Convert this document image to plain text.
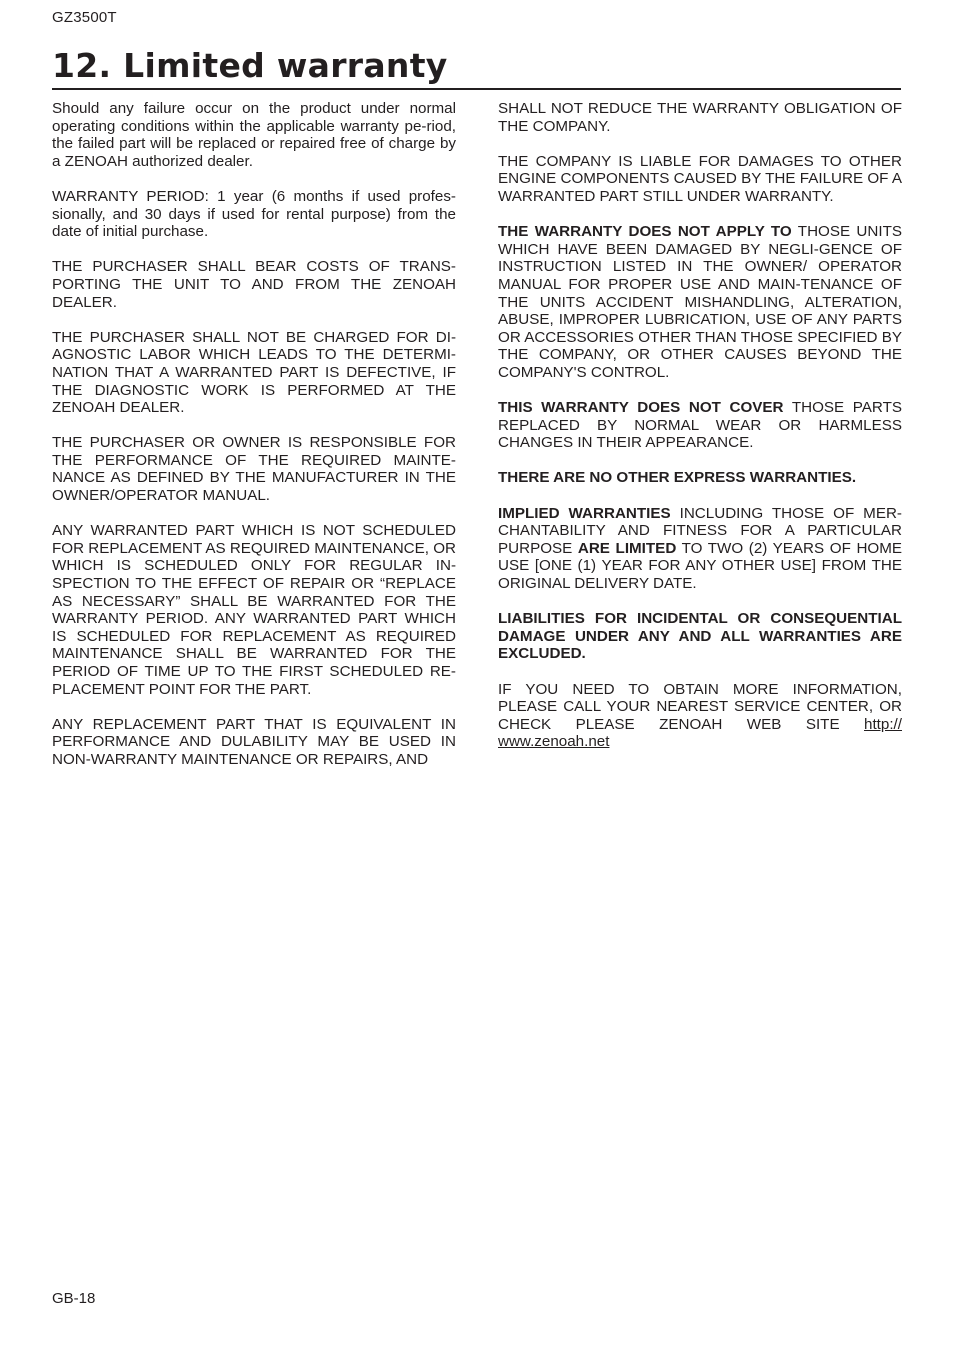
GZ3500T
12. Limited warranty

Should any failure occur on the product under normal operating conditions within the applicable warranty pe-riod, the failed part will be replaced or repaired free of charge by a ZENOAH authorized dealer.

WARRANTY PERIOD: 1 year (6 months if used profes-sionally, and 30 days if used for rental purpose) from the date of initial purchase.

THE PURCHASER SHALL BEAR COSTS OF TRANS-PORTING THE UNIT TO AND FROM THE ZENOAH DEALER.

THE PURCHASER SHALL NOT BE CHARGED FOR DI-AGNOSTIC LABOR WHICH LEADS TO THE DETERMI-NATION THAT A WARRANTED PART IS DEFECTIVE, IF THE DIAGNOSTIC WORK IS PERFORMED AT THE ZENOAH DEALER.

THE PURCHASER OR OWNER IS RESPONSIBLE FOR THE PERFORMANCE OF THE REQUIRED MAINTE-NANCE AS DEFINED BY THE MANUFACTURER IN THE OWNER/OPERATOR MANUAL.

ANY WARRANTED PART WHICH IS NOT SCHEDULED FOR REPLACEMENT AS REQUIRED MAINTENANCE, OR WHICH IS SCHEDULED ONLY FOR REGULAR IN-SPECTION TO THE EFFECT OF REPAIR OR “REPLACE AS NECESSARY” SHALL BE WARRANTED FOR THE WARRANTY PERIOD. ANY WARRANTED PART WHICH IS SCHEDULED FOR REPLACEMENT AS REQUIRED MAINTENANCE SHALL BE WARRANTED FOR THE PERIOD OF TIME UP TO THE FIRST SCHEDULED RE-PLACEMENT POINT FOR THE PART.

ANY REPLACEMENT PART THAT IS EQUIVALENT IN PERFORMANCE AND DULABILITY MAY BE USED IN NON-WARRANTY MAINTENANCE OR REPAIRS, AND

SHALL NOT REDUCE THE WARRANTY OBLIGATION OF THE COMPANY.

THE COMPANY IS LIABLE FOR DAMAGES TO OTHER ENGINE COMPONENTS CAUSED BY THE FAILURE OF A WARRANTED PART STILL UNDER WARRANTY.

THE WARRANTY DOES NOT APPLY TO THOSE UNITS WHICH HAVE BEEN DAMAGED BY NEGLI-GENCE OF INSTRUCTION LISTED IN THE OWNER/ OPERATOR MANUAL FOR PROPER USE AND MAIN-TENANCE OF THE UNITS ACCIDENT MISHANDLING, ALTERATION, ABUSE, IMPROPER LUBRICATION, USE OF ANY PARTS OR ACCESSORIES OTHER THAN THOSE SPECIFIED BY THE COMPANY, OR OTHER CAUSES BEYOND THE COMPANY'S CONTROL.

THIS WARRANTY DOES NOT COVER THOSE PARTS REPLACED BY NORMAL WEAR OR HARMLESS CHANGES IN THEIR APPEARANCE.

THERE ARE NO OTHER EXPRESS WARRANTIES.

IMPLIED WARRANTIES INCLUDING THOSE OF MER-CHANTABILITY AND FITNESS FOR A PARTICULAR PURPOSE ARE LIMITED TO TWO (2) YEARS OF HOME USE [ONE (1) YEAR FOR ANY OTHER USE] FROM THE ORIGINAL DELIVERY DATE.

LIABILITIES FOR INCIDENTAL OR CONSEQUENTIAL DAMAGE UNDER ANY AND ALL WARRANTIES ARE EXCLUDED.

IF YOU NEED TO OBTAIN MORE INFORMATION, PLEASE CALL YOUR NEAREST SERVICE CENTER, OR CHECK PLEASE ZENOAH WEB SITE http:// www.zenoah.net

GB-18
